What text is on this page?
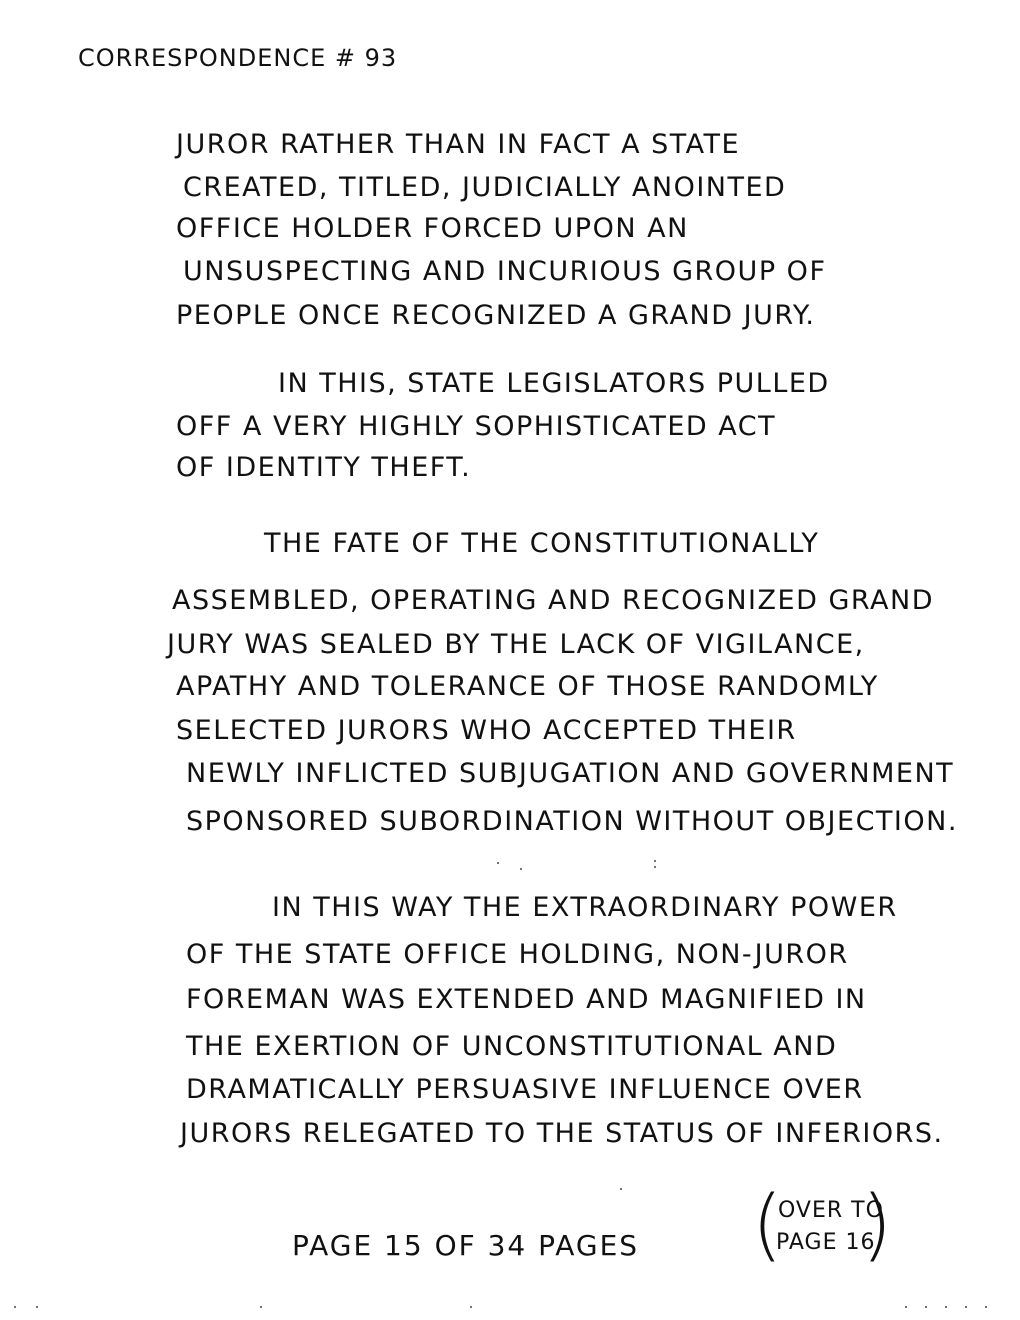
CORRESPONDENCE # 93
JUROR RATHER THAN IN FACT A STATE
CREATED, TITLED, JUDICIALLY ANOINTED
OFFICE HOLDER FORCED UPON AN
UNSUSPECTING AND INCURIOUS GROUP OF
PEOPLE ONCE RECOGNIZED A GRAND JURY.
IN THIS, STATE LEGISLATORS PULLED
OFF A VERY HIGHLY SOPHISTICATED ACT
OF IDENTITY THEFT.
THE FATE OF THE CONSTITUTIONALLY
ASSEMBLED, OPERATING AND RECOGNIZED GRAND
JURY WAS SEALED BY THE LACK OF VIGILANCE,
APATHY AND TOLERANCE OF THOSE RANDOMLY
SELECTED JURORS WHO ACCEPTED THEIR
NEWLY INFLICTED SUBJUGATION AND GOVERNMENT
SPONSORED SUBORDINATION WITHOUT OBJECTION.
IN THIS WAY THE EXTRAORDINARY POWER
OF THE STATE OFFICE HOLDING, NON-JUROR
FOREMAN WAS EXTENDED AND MAGNIFIED IN
THE EXERTION OF UNCONSTITUTIONAL AND
DRAMATICALLY PERSUASIVE INFLUENCE OVER
JURORS RELEGATED TO THE STATUS OF INFERIORS.
PAGE 15 OF 34 PAGES (
OVER TO
PAGE 16
)
